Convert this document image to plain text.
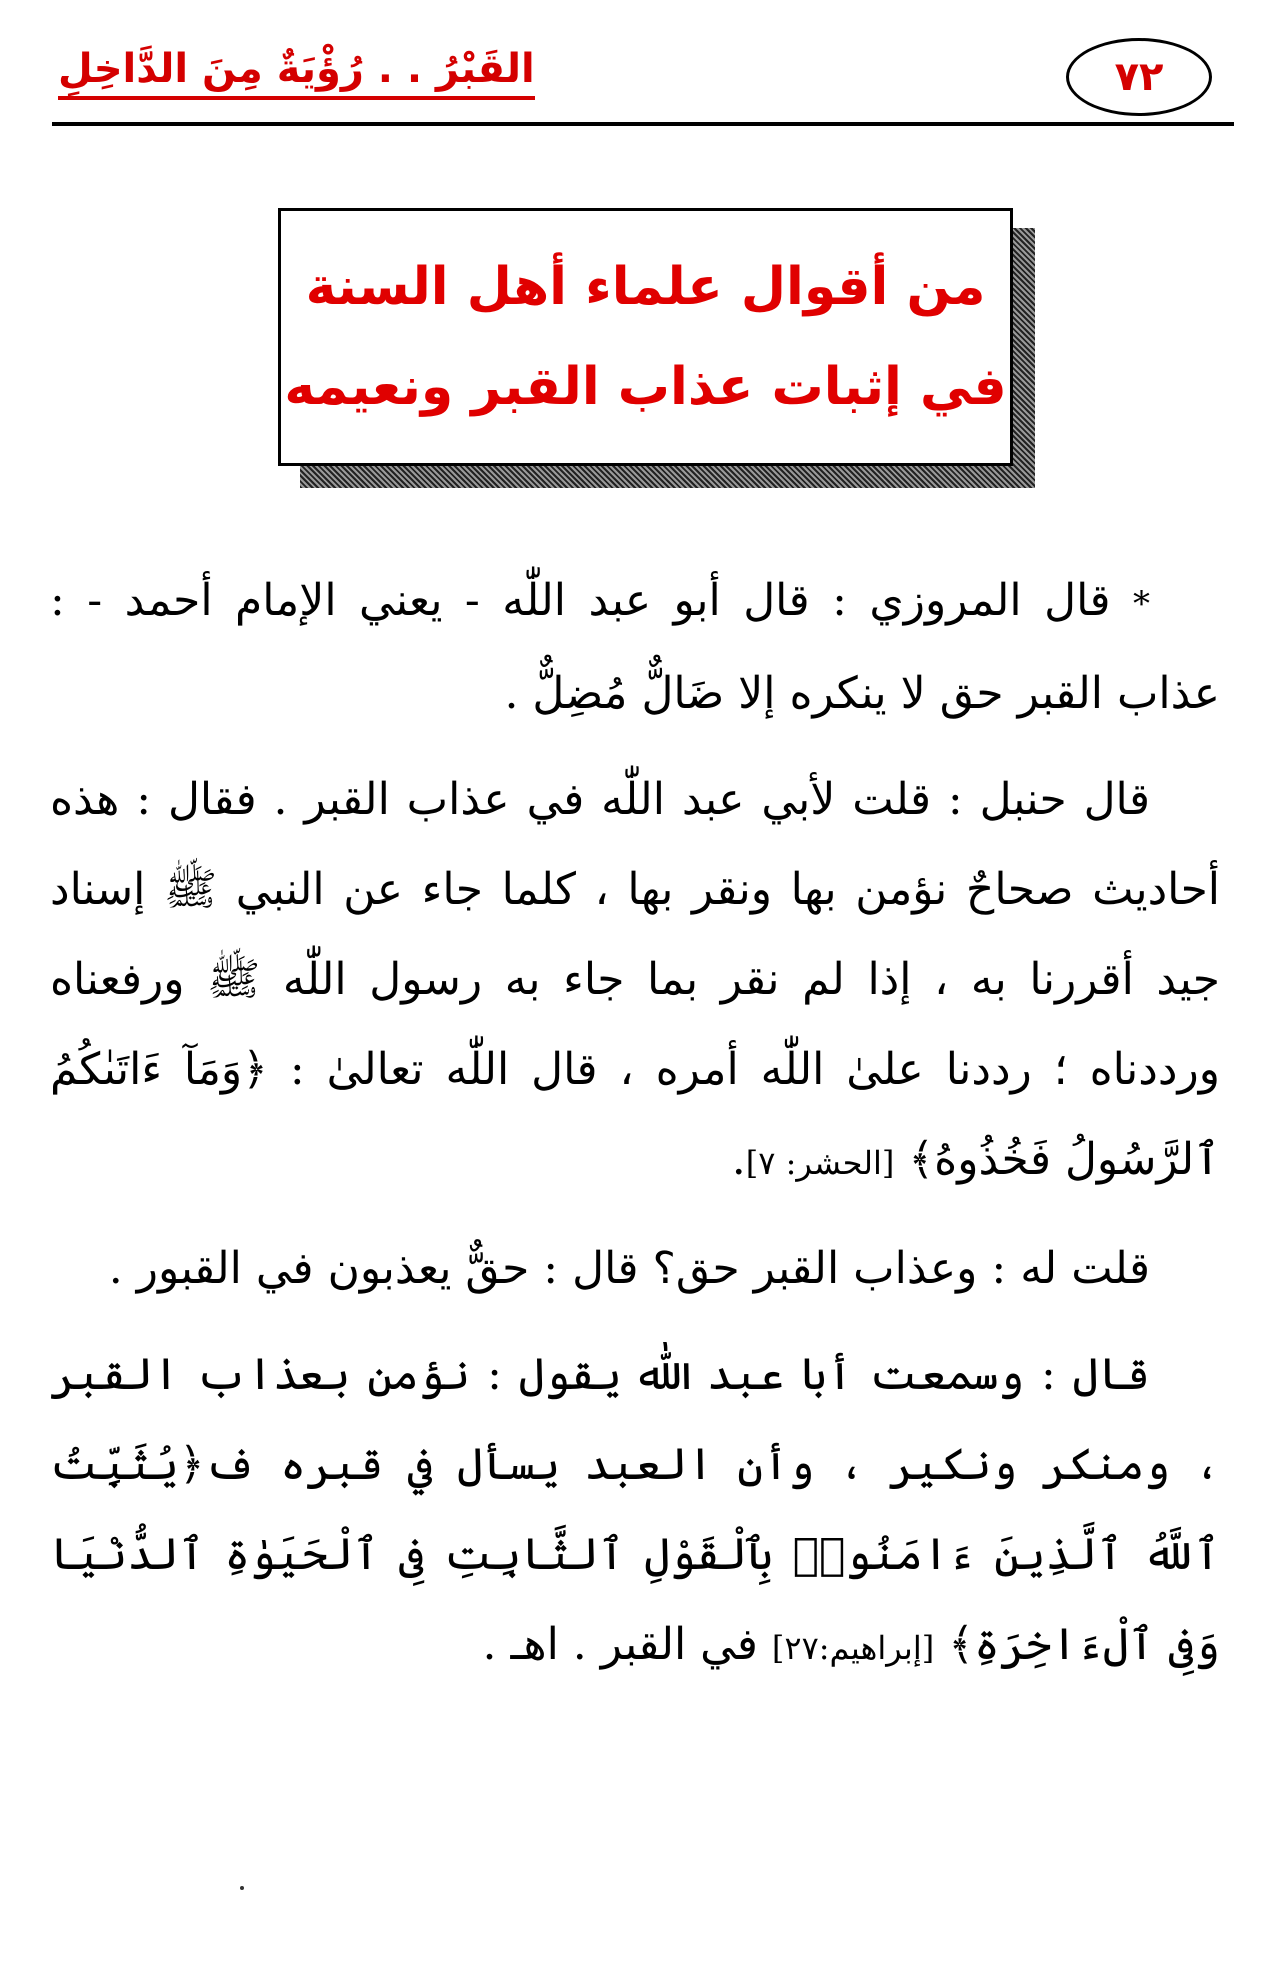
٧٢
القَبْرُ . . رُؤْيَةٌ مِنَ الدَّاخِلِ
من أقوال علماء أهل السنة
في إثبات عذاب القبر ونعيمه

* قال المروزي : قال أبو عبد اللّٰه - يعني الإمام أحمد - : عذاب القبر حق لا ينكره إلا ضَالٌّ مُضِلٌّ .

قال حنبل : قلت لأبي عبد اللّٰه في عذاب القبر . فقال : هذه أحاديث صحاحٌ نؤمن بها ونقر بها ، كلما جاء عن النبي ﷺ إسناد جيد أقررنا به ، إذا لم نقر بما جاء به رسول اللّٰه ﷺ ورفعناه ورددناه ؛ رددنا علىٰ اللّٰه أمره ، قال اللّٰه تعالىٰ : ﴿وَمَآ ءَاتَىٰكُمُ ٱلرَّسُولُ فَخُذُوهُ﴾ [الحشر: ٧].

قلت له : وعذاب القبر حق؟ قال : حقٌّ يعذبون في القبور .

قال : وسمعت أبا عبد اللّٰه يقول : نؤمن بعذاب القبر ، ومنكر ونكير ، وأن العبد يسأل في قبره ف﴿يُثَبِّتُ ٱللَّهُ ٱلَّذِينَ ءَامَنُوا۟ بِٱلْقَوْلِ ٱلثَّابِتِ فِى ٱلْحَيَوٰةِ ٱلدُّنْيَا وَفِى ٱلْءَاخِرَةِ﴾ [إبراهيم:٢٧] في القبر . اهـ .
